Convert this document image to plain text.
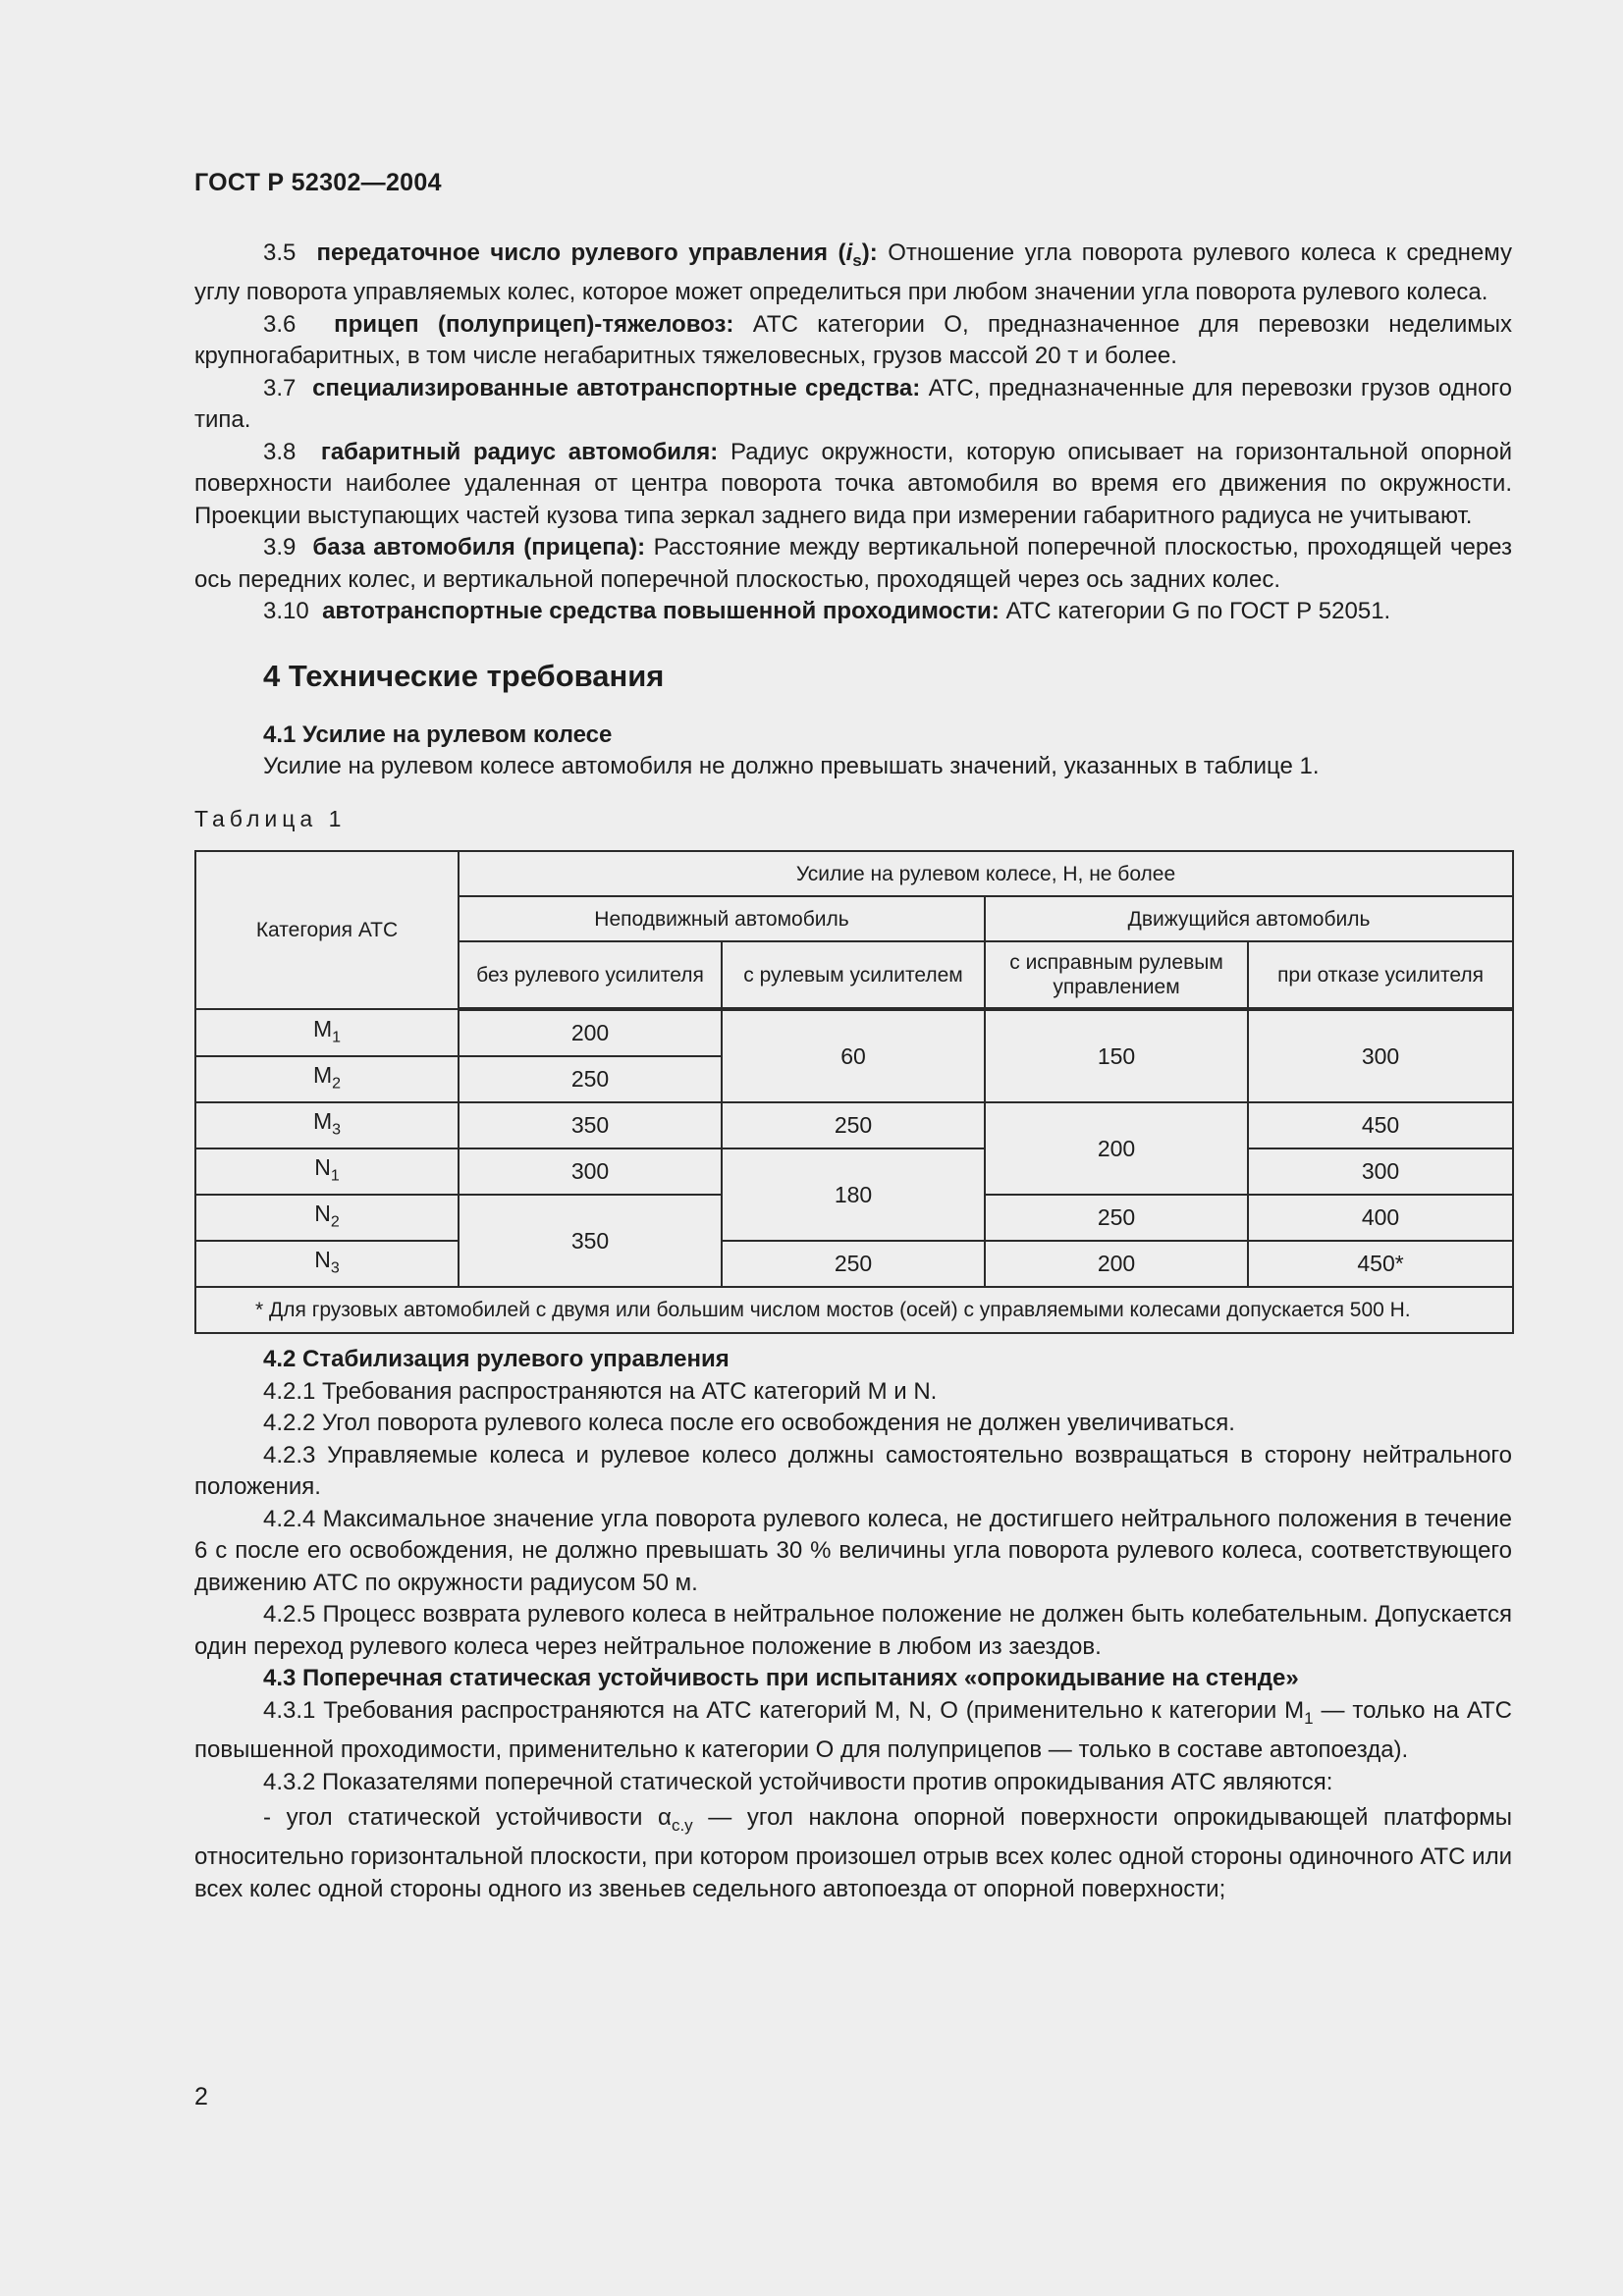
ГОСТ Р 52302—2004

3.5 передаточное число рулевого управления $(i_s)$: Отношение угла поворота рулевого колеса к среднему углу поворота управляемых колес, которое может определиться при любом значении угла поворота рулевого колеса.

3.6 прицеп (полуприцеп)-тяжеловоз: АТС категории О, предназначенное для перевозки неделимых крупногабаритных, в том числе негабаритных тяжеловесных, грузов массой 20 т и более.

3.7 специализированные автотранспортные средства: АТС, предназначенные для перевозки грузов одного типа.

3.8 габаритный радиус автомобиля: Радиус окружности, которую описывает на горизонтальной опорной поверхности наиболее удаленная от центра поворота точка автомобиля во время его движения по окружности. Проекции выступающих частей кузова типа зеркал заднего вида при измерении габаритного радиуса не учитывают.

3.9 база автомобиля (прицепа): Расстояние между вертикальной поперечной плоскостью, проходящей через ось передних колес, и вертикальной поперечной плоскостью, проходящей через ось задних колес.

3.10 автотранспортные средства повышенной проходимости: АТС категории G по ГОСТ Р 52051.

4 Технические требования
4.1 Усилие на рулевом колесе

Усилие на рулевом колесе автомобиля не должно превышать значений, указанных в таблице 1.

Таблица 1
Категория АТС	Усилие на рулевом колесе, Н, не более			
	Неподвижный автомобиль		Движущийся автомобиль	
	без рулевого усилителя	с рулевым усилителем	с исправным рулевым управлением	при отказе усилителя
$M_1$	200	60	150	300
$M_2$	250			
$M_3$	350	250	200	450
$N_1$	300	180		300
$N_2$	350		250	400
$N_3$		250	200	450*
* Для грузовых автомобилей с двумя или большим числом мостов (осей) с управляемыми колесами допускается 500 Н.				
4.2 Стабилизация рулевого управления

4.2.1 Требования распространяются на АТС категорий М и N.

4.2.2 Угол поворота рулевого колеса после его освобождения не должен увеличиваться.

4.2.3 Управляемые колеса и рулевое колесо должны самостоятельно возвращаться в сторону нейтрального положения.

4.2.4 Максимальное значение угла поворота рулевого колеса, не достигшего нейтрального положения в течение 6 с после его освобождения, не должно превышать 30 % величины угла поворота рулевого колеса, соответствующего движению АТС по окружности радиусом 50 м.

4.2.5 Процесс возврата рулевого колеса в нейтральное положение не должен быть колебательным. Допускается один переход рулевого колеса через нейтральное положение в любом из заездов.

4.3 Поперечная статическая устойчивость при испытаниях «опрокидывание на стенде»

4.3.1 Требования распространяются на АТС категорий М, N, О (применительно к категории $М_1$ — только на АТС повышенной проходимости, применительно к категории О для полуприцепов — только в составе автопоезда).

4.3.2 Показателями поперечной статической устойчивости против опрокидывания АТС являются:

- угол статической устойчивости $\alpha_{с.у}$ — угол наклона опорной поверхности опрокидывающей платформы относительно горизонтальной плоскости, при котором произошел отрыв всех колес одной стороны одиночного АТС или всех колес одной стороны одного из звеньев седельного автопоезда от опорной поверхности;

2
